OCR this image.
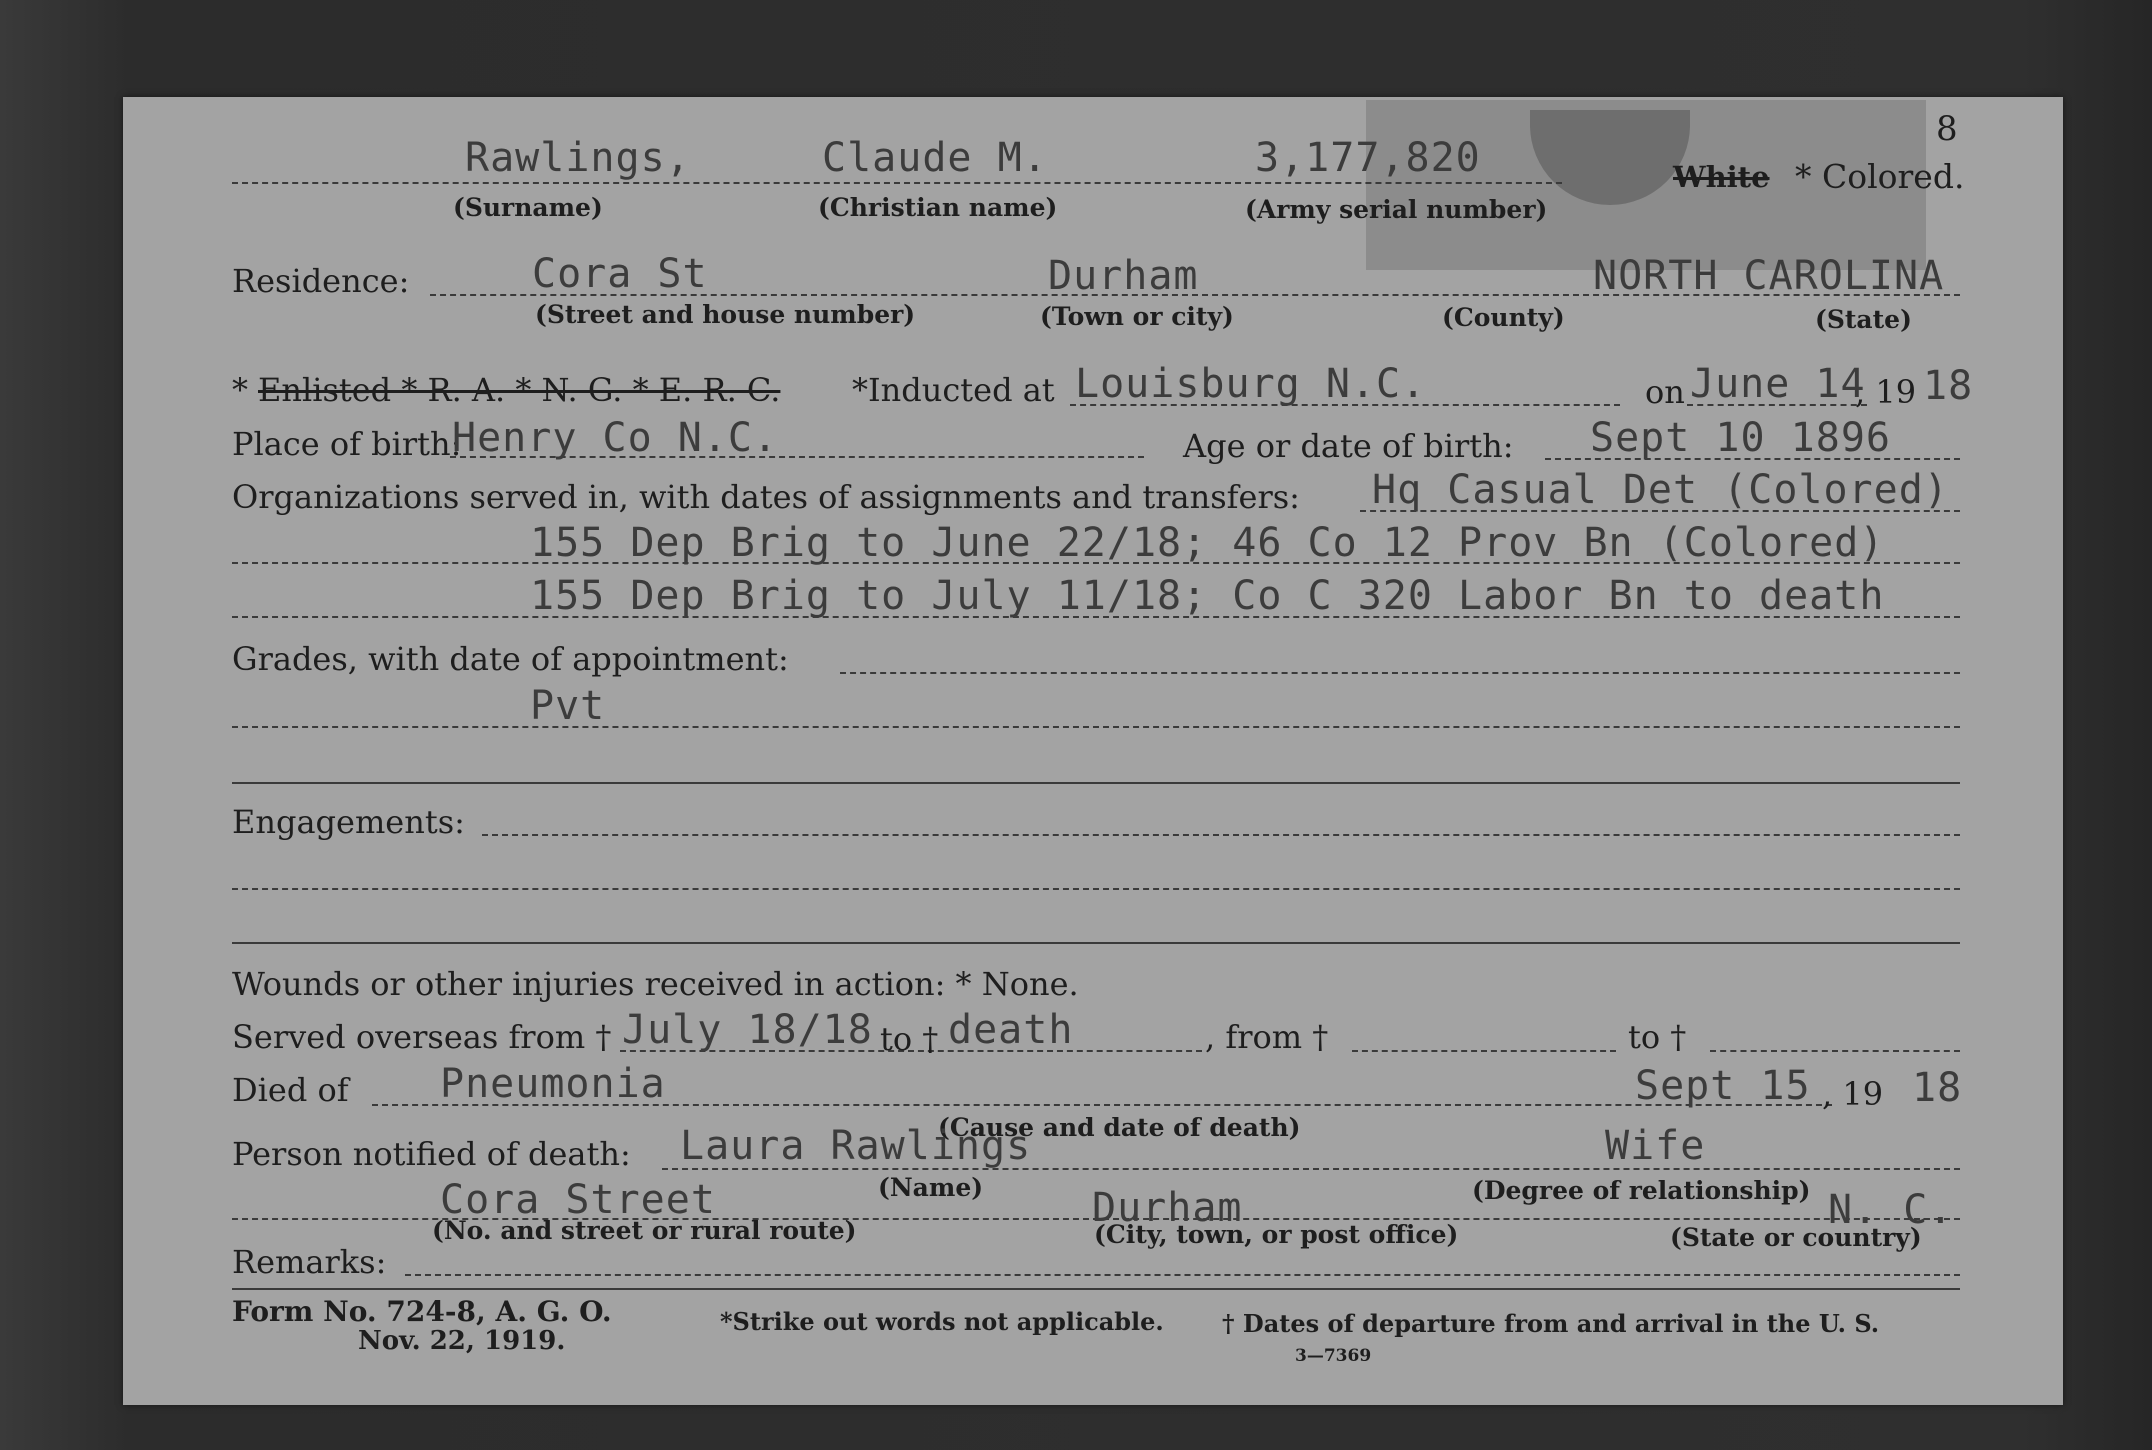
8
Rawlings,	Claude M.	3,177,820
(Surname)	(Christian name)	(Army serial number)
White * Colored.
Residence:	Cora St	Durham	NORTH CAROLINA
(Street and house number)	(Town or city)	(County)	(State)
* Enlisted * R. A. * N. G. * E. R. C. *Inducted at Louisburg N.C.	on June 14
, 19 18
Place of birth:
Henry Co N.C.	Age or date of birth: Sept 10 1896
Organizations served in, with dates of assignments and transfers: Hq Casual Det (Colored)
155 Dep Brig to June 22/18; 46 Co 12 Prov Bn (Colored)
155 Dep Brig to July 11/18; Co C 320 Labor Bn to death
Grades, with date of appointment:
Pvt
Engagements:
Wounds or other injuries received in action: * None.
Served overseas from † July 18/18 to † death	, from †	to †
Died of Pneumonia	Sept 15 , 19 18
(Cause and date of death)
Person notified of death: Laura Rawlings	Wife
(Name)	(Degree of relationship)
Cora Street	Durham	N. C.
(No. and street or rural route)	(City, town, or post office)	(State or country)
Remarks:
Form No. 724-8, A. G. O.
Nov. 22, 1919.
*Strike out words not applicable. † Dates of departure from and arrival in the U. S.
3—7369
